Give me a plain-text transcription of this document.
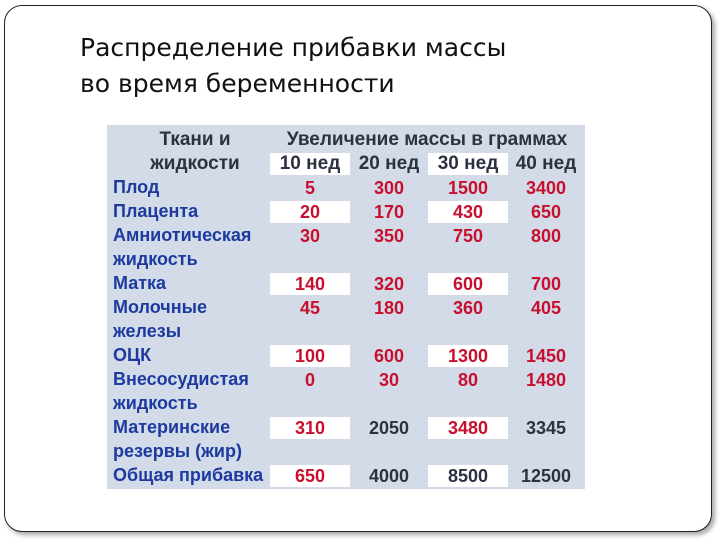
Распределение прибавки массы
во время беременности
Ткани и
жидкости
Увеличение массы в граммах
10 нед 20 нед 30 нед 40 нед
Плод	5	300	1500	3400
Плацента	20	170	430	650
Амниотическая
жидкость
30	350	750	800
Матка	140	320	600	700
Молочные
железы
45	180	360	405
ОЦК	100	600	1300	1450
Внесосудистая
жидкость
0	30	80	1480
Материнские
резервы (жир)
310	2050	3480	3345
Общая прибавка	650	4000	8500	12500
